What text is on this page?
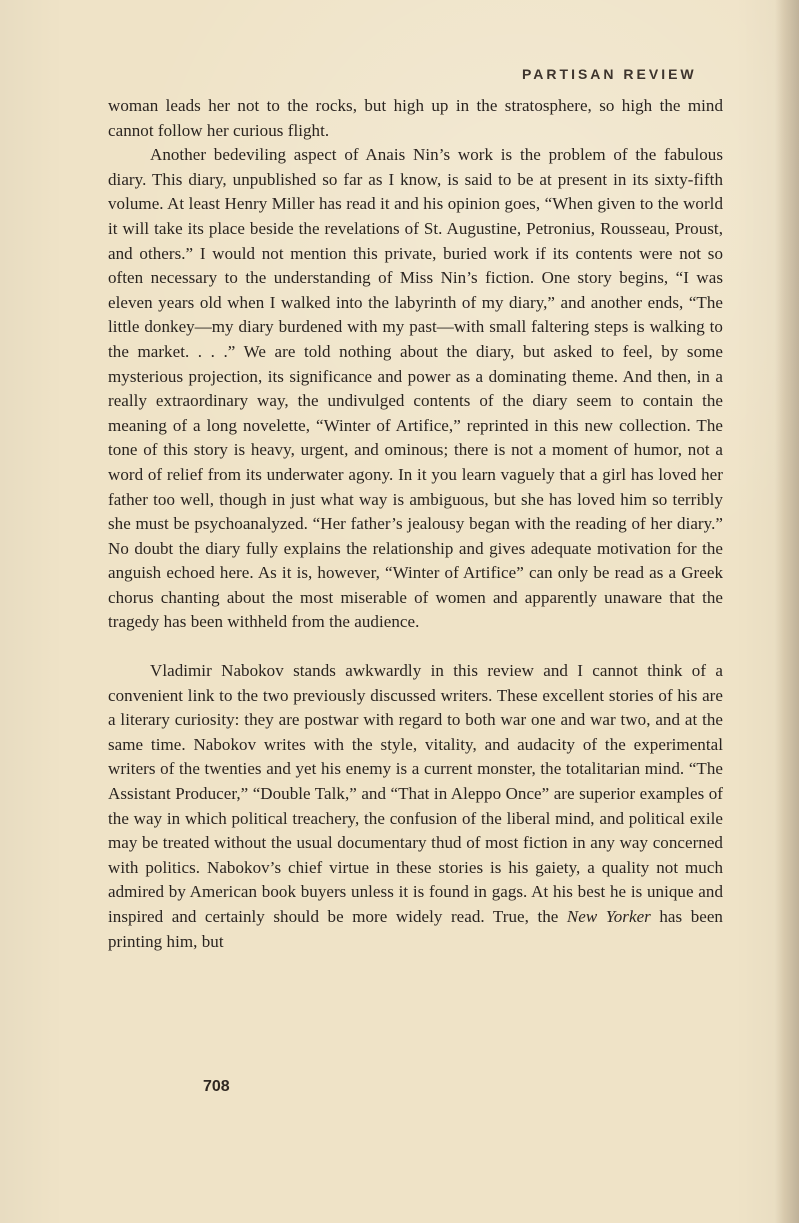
PARTISAN REVIEW

woman leads her not to the rocks, but high up in the stratosphere, so high the mind cannot follow her curious flight.

Another bedeviling aspect of Anais Nin’s work is the problem of the fabulous diary. This diary, unpublished so far as I know, is said to be at present in its sixty-fifth volume. At least Henry Miller has read it and his opinion goes, “When given to the world it will take its place beside the revelations of St. Augustine, Petronius, Rousseau, Proust, and others.” I would not mention this private, buried work if its contents were not so often necessary to the understanding of Miss Nin’s fiction. One story begins, “I was eleven years old when I walked into the labyrinth of my diary,” and another ends, “The little donkey—my diary burdened with my past—with small faltering steps is walking to the market. . . .” We are told nothing about the diary, but asked to feel, by some mysterious projection, its significance and power as a dominating theme. And then, in a really extraordinary way, the undivulged contents of the diary seem to contain the meaning of a long novelette, “Winter of Artifice,” reprinted in this new collection. The tone of this story is heavy, urgent, and ominous; there is not a moment of humor, not a word of relief from its underwater agony. In it you learn vaguely that a girl has loved her father too well, though in just what way is ambiguous, but she has loved him so terribly she must be psychoanalyzed. “Her father’s jealousy began with the reading of her diary.” No doubt the diary fully explains the relationship and gives adequate motivation for the anguish echoed here. As it is, however, “Winter of Artifice” can only be read as a Greek chorus chanting about the most miserable of women and apparently unaware that the tragedy has been withheld from the audience.

Vladimir Nabokov stands awkwardly in this review and I cannot think of a convenient link to the two previously discussed writers. These excellent stories of his are a literary curiosity: they are postwar with regard to both war one and war two, and at the same time. Nabokov writes with the style, vitality, and audacity of the experimental writers of the twenties and yet his enemy is a current monster, the totalitarian mind. “The Assistant Producer,” “Double Talk,” and “That in Aleppo Once” are superior examples of the way in which political treachery, the confusion of the liberal mind, and political exile may be treated without the usual documentary thud of most fiction in any way concerned with politics. Nabokov’s chief virtue in these stories is his gaiety, a quality not much admired by American book buyers unless it is found in gags. At his best he is unique and inspired and certainly should be more widely read. True, the New Yorker has been printing him, but

708
